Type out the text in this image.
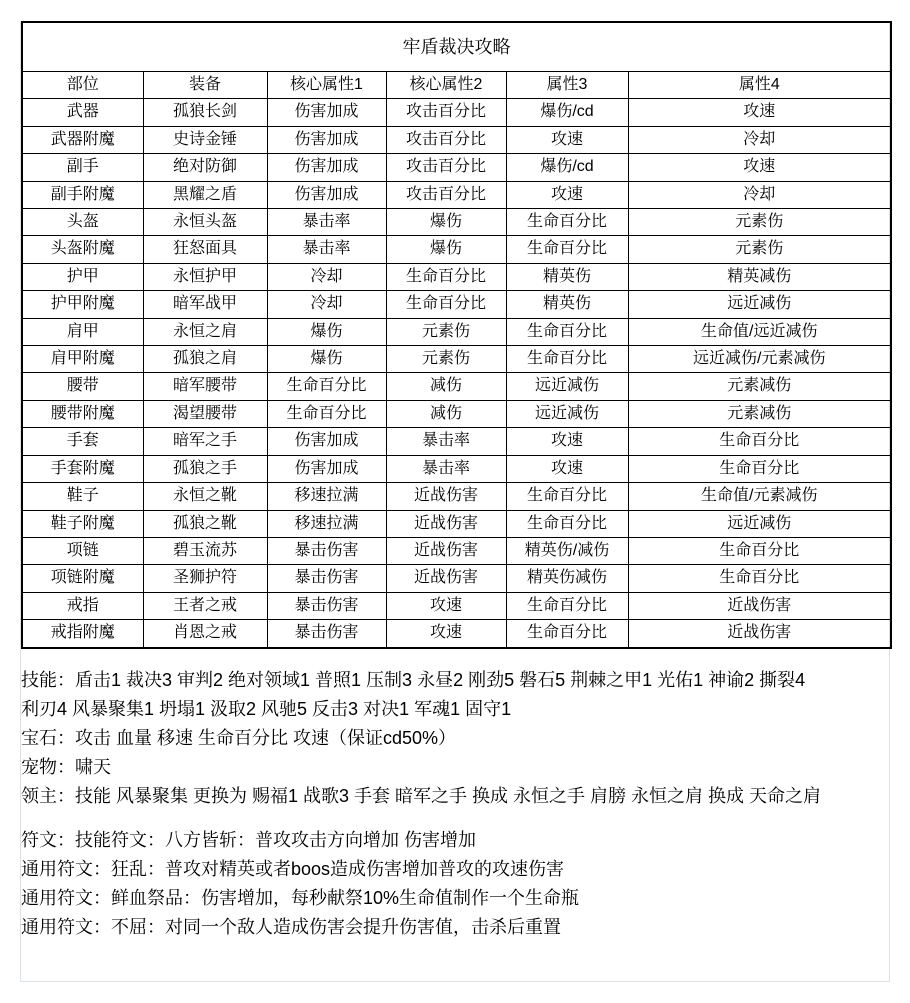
牢盾裁决攻略					
部位	装备	核心属性1	核心属性2	属性3	属性4
武器	孤狼长剑	伤害加成	攻击百分比	爆伤/cd	攻速
武器附魔	史诗金锤	伤害加成	攻击百分比	攻速	冷却
副手	绝对防御	伤害加成	攻击百分比	爆伤/cd	攻速
副手附魔	黑耀之盾	伤害加成	攻击百分比	攻速	冷却
头盔	永恒头盔	暴击率	爆伤	生命百分比	元素伤
头盔附魔	狂怒面具	暴击率	爆伤	生命百分比	元素伤
护甲	永恒护甲	冷却	生命百分比	精英伤	精英减伤
护甲附魔	暗军战甲	冷却	生命百分比	精英伤	远近减伤
肩甲	永恒之肩	爆伤	元素伤	生命百分比	生命值/远近减伤
肩甲附魔	孤狼之肩	爆伤	元素伤	生命百分比	远近减伤/元素减伤
腰带	暗军腰带	生命百分比	减伤	远近减伤	元素减伤
腰带附魔	渴望腰带	生命百分比	减伤	远近减伤	元素减伤
手套	暗军之手	伤害加成	暴击率	攻速	生命百分比
手套附魔	孤狼之手	伤害加成	暴击率	攻速	生命百分比
鞋子	永恒之靴	移速拉满	近战伤害	生命百分比	生命值/元素减伤
鞋子附魔	孤狼之靴	移速拉满	近战伤害	生命百分比	远近减伤
项链	碧玉流苏	暴击伤害	近战伤害	精英伤/减伤	生命百分比
项链附魔	圣狮护符	暴击伤害	近战伤害	精英伤减伤	生命百分比
戒指	王者之戒	暴击伤害	攻速	生命百分比	近战伤害
戒指附魔	肖恩之戒	暴击伤害	攻速	生命百分比	近战伤害
技能：盾击1 裁决3 审判2 绝对领域1 普照1 压制3 永昼2 刚劲5 磐石5 荆棘之甲1 光佑1 神谕2 撕裂4
利刃4 风暴聚集1 坍塌1 汲取2 风驰5 反击3 对决1 军魂1 固守1
宝石：攻击 血量 移速 生命百分比 攻速（保证cd50%）
宠物：啸天
领主：技能 风暴聚集 更换为 赐福1 战歌3 手套 暗军之手 换成 永恒之手 肩膀 永恒之肩 换成 天命之肩
符文：技能符文：八方皆斩：普攻攻击方向增加 伤害增加
通用符文：狂乱：普攻对精英或者boos造成伤害增加普攻的攻速伤害
通用符文：鲜血祭品：伤害增加，每秒献祭10%生命值制作一个生命瓶
通用符文：不屈：对同一个敌人造成伤害会提升伤害值，击杀后重置
